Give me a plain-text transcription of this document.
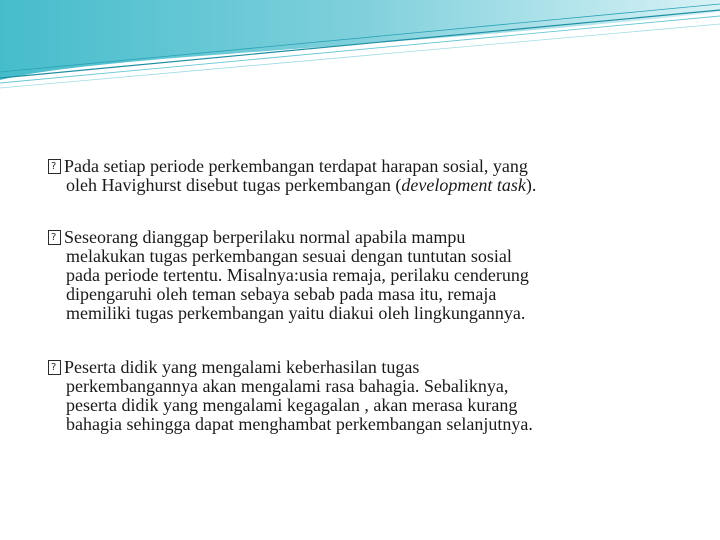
?Pada setiap periode perkembangan terdapat harapan sosial, yang
oleh Havighurst disebut tugas perkembangan (development task).
?Seseorang dianggap berperilaku normal apabila mampu
melakukan tugas perkembangan sesuai dengan tuntutan sosial
pada periode tertentu. Misalnya:usia remaja, perilaku cenderung
dipengaruhi oleh teman sebaya sebab pada masa itu, remaja
memiliki tugas perkembangan yaitu diakui oleh lingkungannya.
?Peserta didik yang mengalami keberhasilan tugas
perkembangannya akan mengalami rasa bahagia. Sebaliknya,
peserta didik yang mengalami kegagalan , akan merasa kurang
bahagia sehingga dapat menghambat perkembangan selanjutnya.
